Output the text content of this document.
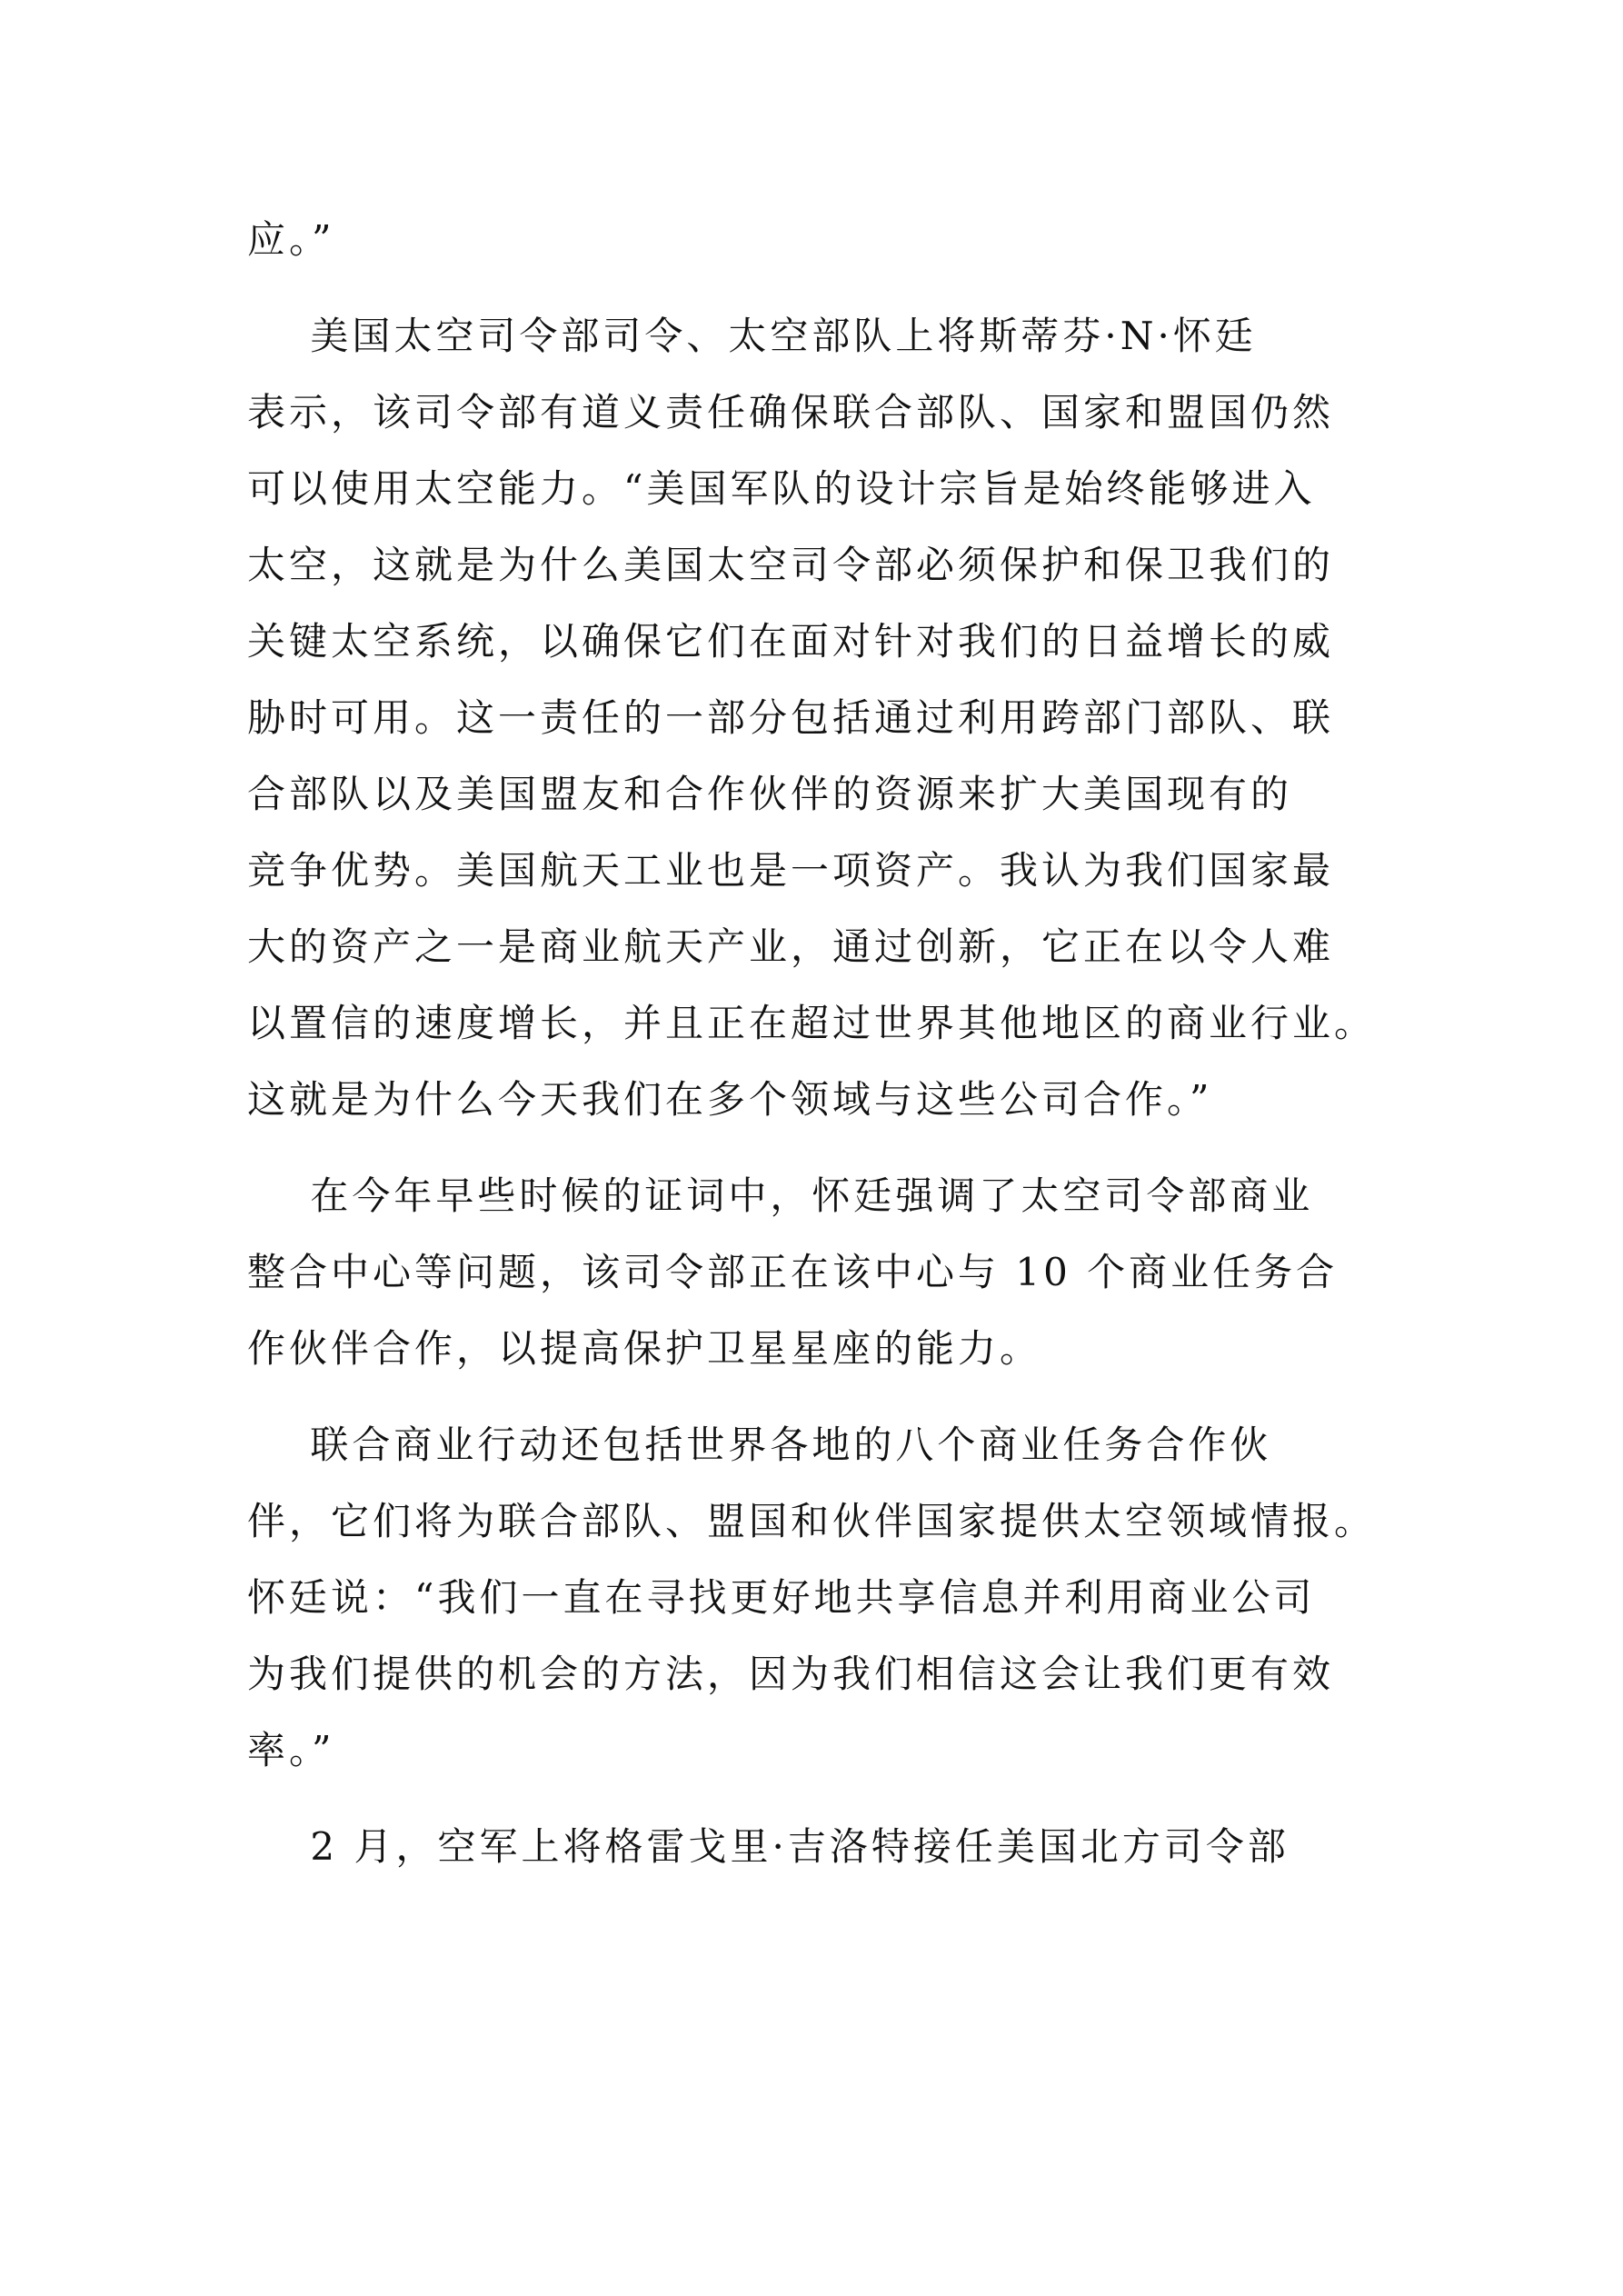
应。”
美国太空司令部司令、太空部队上将斯蒂芬·N·怀廷
表示，该司令部有道义责任确保联合部队、国家和盟国仍然
可以使用太空能力。“美国军队的设计宗旨是始终能够进入
太空，这就是为什么美国太空司令部必须保护和保卫我们的
关键太空系统，以确保它们在面对针对我们的日益增长的威
胁时可用。这一责任的一部分包括通过利用跨部门部队、联
合部队以及美国盟友和合作伙伴的资源来扩大美国现有的
竞争优势。美国航天工业也是一项资产。我认为我们国家最
大的资产之一是商业航天产业，通过创新，它正在以令人难
以置信的速度增长，并且正在超过世界其他地区的商业行业。
这就是为什么今天我们在多个领域与这些公司合作。”
在今年早些时候的证词中，怀廷强调了太空司令部商业
整合中心等问题，该司令部正在该中心与 10 个商业任务合
作伙伴合作，以提高保护卫星星座的能力。
联合商业行动还包括世界各地的八个商业任务合作伙
伴，它们将为联合部队、盟国和伙伴国家提供太空领域情报。
怀廷说：“我们一直在寻找更好地共享信息并利用商业公司
为我们提供的机会的方法，因为我们相信这会让我们更有效
率。”
2 月，空军上将格雷戈里·吉洛特接任美国北方司令部
